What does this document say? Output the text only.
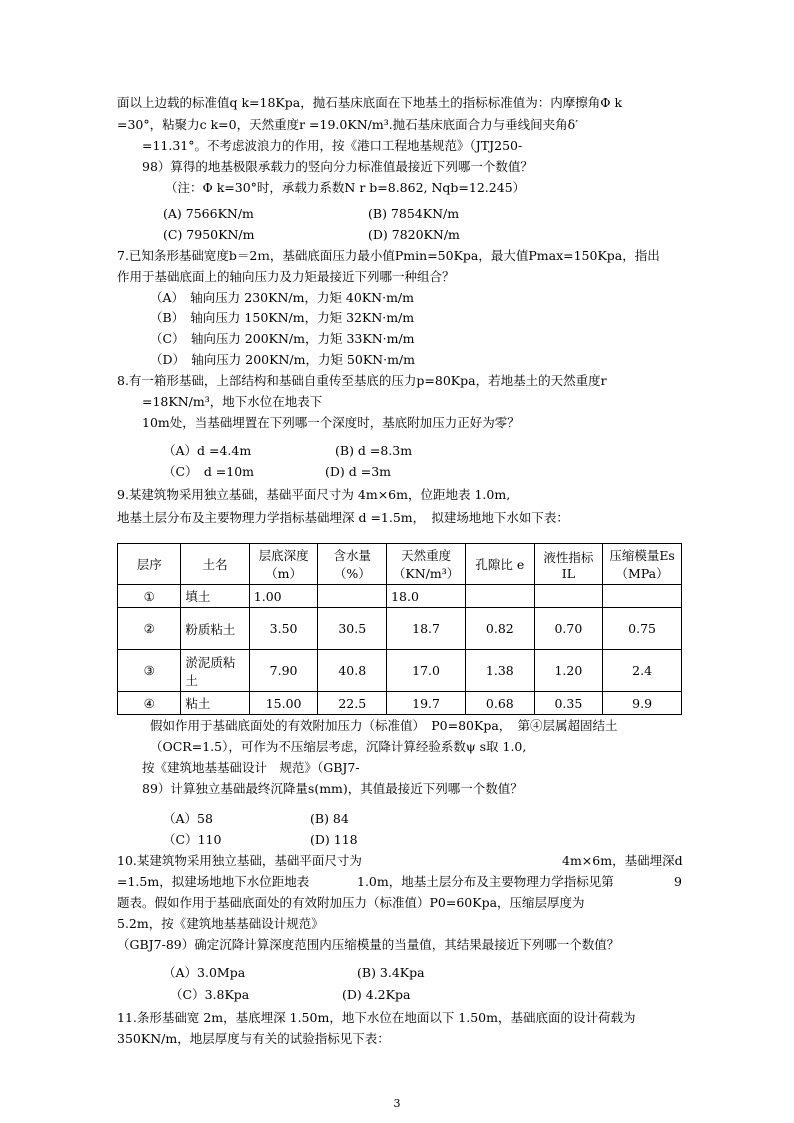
面以上边载的标准值q k=18Kpa，抛石基床底面在下地基土的指标标准值为：内摩擦角Φ k
=30°，粘聚力c k=0，天然重度r =19.0KN/m³.抛石基床底面合力与垂线间夹角δ′
=11.31°。不考虑波浪力的作用，按《港口工程地基规范》（JTJ250-
98）算得的地基极限承载力的竖向分力标准值最接近下列哪一个数值？
（注：Φ k=30°时，承载力系数N r b=8.862, Nqb=12.245）
(A) 7566KN/m	(B) 7854KN/m
(C) 7950KN/m	(D) 7820KN/m
7.已知条形基础宽度b＝2ｍ，基础底面压力最小值Pmin=50Kpa，最大值Pmax=150Kpa，指出
作用于基础底面上的轴向压力及力矩最接近下列哪一种组合？
（A）　轴向压力 230KN/m，力矩 40KN·m/m
（B）　轴向压力 150KN/m，力矩 32KN·m/m
（C）　轴向压力 200KN/m，力矩 33KN·m/m
（D）　轴向压力 200KN/m，力矩 50KN·m/m
8.有一箱形基础，上部结构和基础自重传至基底的压力p=80Kpa，若地基土的天然重度r
=18KN/m³，地下水位在地表下
10m处，当基础埋置在下列哪一个深度时，基底附加压力正好为零？
（A）d =4.4m	(B) d =8.3m
（C）　d =10m	(D) d =3m
9.某建筑物采用独立基础，基础平面尺寸为 4m×6m，位距地表 1.0m,
地基土层分布及主要物理力学指标基础埋深 d =1.5m，　拟建场地地下水如下表：
层序	土名	层底深度（m）	含水量（%）	天然重度（KN/m³）	孔隙比 e	液性指标IL	压缩模量Es（MPa）
①	填土	1.00		18.0			
②	粉质粘土	3.50	30.5	18.7	0.82	0.70	0.75
③	淤泥质粘土	7.90	40.8	17.0	1.38	1.20	2.4
④	粘土	15.00	22.5	19.7	0.68	0.35	9.9
假如作用于基础底面处的有效附加压力（标准值）　P0=80Kpa，　第④层属超固结土
（OCR=1.5），可作为不压缩层考虑，沉降计算经验系数ψ s取 1.0,
按《建筑地基基础设计　规范》（GBJ7-
89）计算独立基础最终沉降量s(mm)，其值最接近下列哪一个数值？
（A）58	(B) 84
（C）110	(D) 118
10.某建筑物采用独立基础，基础平面尺寸为	4m×6m，基础埋深d
=1.5m，拟建场地地下水位距地表	1.0m，地基土层分布及主要物理力学指标见第	9
题表。假如作用于基础底面处的有效附加压力（标准值）P0=60Kpa，压缩层厚度为
5.2m，按《建筑地基基础设计规范》
（GBJ7-89）确定沉降计算深度范围内压缩模量的当量值，其结果最接近下列哪一个数值？
（A）3.0Mpa	(B) 3.4Kpa
（C）3.8Kpa	(D) 4.2Kpa
11.条形基础宽 2m，基底埋深 1.50m，地下水位在地面以下 1.50m，基础底面的设计荷载为
350KN/m，地层厚度与有关的试验指标见下表：
3
